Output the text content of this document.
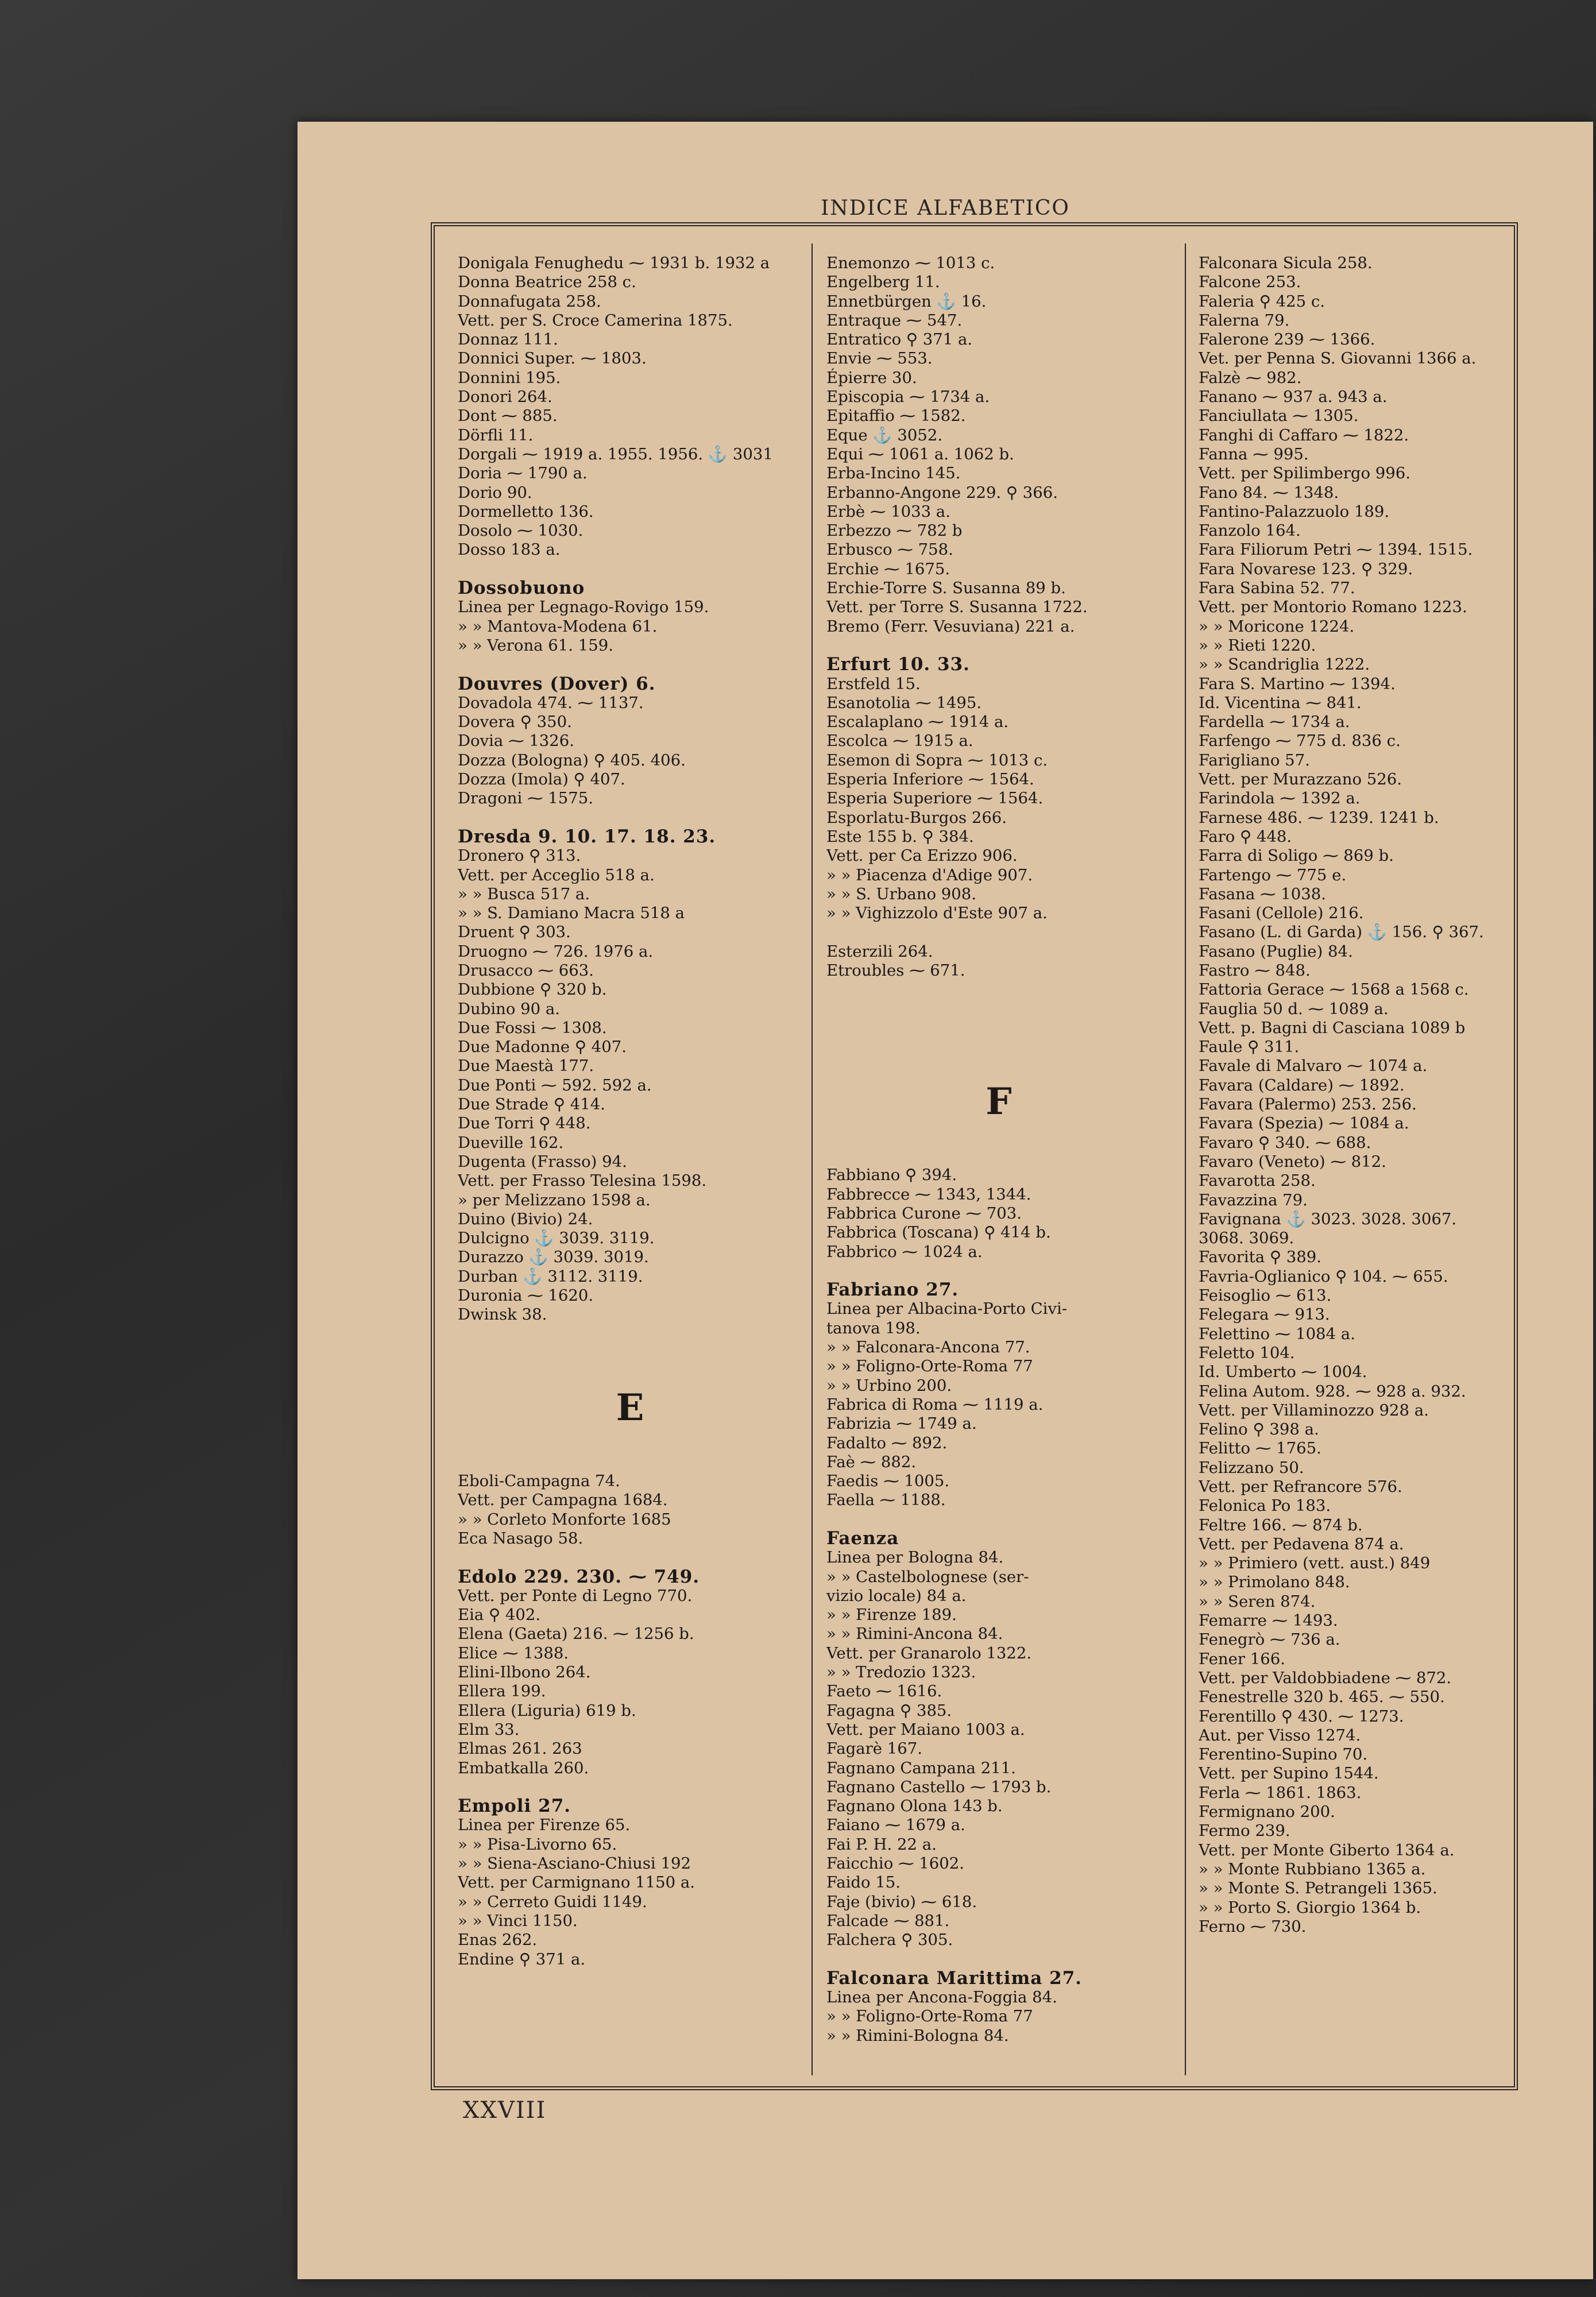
INDICE ALFABETICO
Donigala Fenughedu ⁓ 1931 b. 1932 a
Donna Beatrice 258 c.
Donnafugata 258.
Vett. per S. Croce Camerina 1875.
Donnaz 111.
Donnici Super. ⁓ 1803.
Donnini 195.
Donori 264.
Dont ⁓ 885.
Dörfli 11.
Dorgali ⁓ 1919 a. 1955. 1956. ⚓ 3031
Doria ⁓ 1790 a.
Dorio 90.
Dormelletto 136.
Dosolo ⁓ 1030.
Dosso 183 a.
Dossobuono
Linea per Legnago-Rovigo 159.
» » Mantova-Modena 61.
» » Verona 61. 159.
Douvres (Dover) 6.
Dovadola 474. ⁓ 1137.
Dovera ⚲ 350.
Dovia ⁓ 1326.
Dozza (Bologna) ⚲ 405. 406.
Dozza (Imola) ⚲ 407.
Dragoni ⁓ 1575.
Dresda 9. 10. 17. 18. 23.
Dronero ⚲ 313.
Vett. per Acceglio 518 a.
» » Busca 517 a.
» » S. Damiano Macra 518 a
Druent ⚲ 303.
Druogno ⁓ 726. 1976 a.
Drusacco ⁓ 663.
Dubbione ⚲ 320 b.
Dubino 90 a.
Due Fossi ⁓ 1308.
Due Madonne ⚲ 407.
Due Maestà 177.
Due Ponti ⁓ 592. 592 a.
Due Strade ⚲ 414.
Due Torri ⚲ 448.
Dueville 162.
Dugenta (Frasso) 94.
Vett. per Frasso Telesina 1598.
» per Melizzano 1598 a.
Duino (Bivio) 24.
Dulcigno ⚓ 3039. 3119.
Durazzo ⚓ 3039. 3019.
Durban ⚓ 3112. 3119.
Duronia ⁓ 1620.
Dwinsk 38.
E
Eboli-Campagna 74.
Vett. per Campagna 1684.
» » Corleto Monforte 1685
Eca Nasago 58.
Edolo 229. 230. ⁓ 749.
Vett. per Ponte di Legno 770.
Eia ⚲ 402.
Elena (Gaeta) 216. ⁓ 1256 b.
Elice ⁓ 1388.
Elini-Ilbono 264.
Ellera 199.
Ellera (Liguria) 619 b.
Elm 33.
Elmas 261. 263
Embatkalla 260.
Empoli 27.
Linea per Firenze 65.
» » Pisa-Livorno 65.
» » Siena-Asciano-Chiusi 192
Vett. per Carmignano 1150 a.
» » Cerreto Guidi 1149.
» » Vinci 1150.
Enas 262.
Endine ⚲ 371 a.
Enemonzo ⁓ 1013 c.
Engelberg 11.
Ennetbürgen ⚓ 16.
Entraque ⁓ 547.
Entratico ⚲ 371 a.
Envie ⁓ 553.
Épierre 30.
Episcopia ⁓ 1734 a.
Epitaffio ⁓ 1582.
Eque ⚓ 3052.
Equi ⁓ 1061 a. 1062 b.
Erba-Incino 145.
Erbanno-Angone 229. ⚲ 366.
Erbè ⁓ 1033 a.
Erbezzo ⁓ 782 b
Erbusco ⁓ 758.
Erchie ⁓ 1675.
Erchie-Torre S. Susanna 89 b.
Vett. per Torre S. Susanna 1722.
Bremo (Ferr. Vesuviana) 221 a.
Erfurt 10. 33.
Erstfeld 15.
Esanotolia ⁓ 1495.
Escalaplano ⁓ 1914 a.
Escolca ⁓ 1915 a.
Esemon di Sopra ⁓ 1013 c.
Esperia Inferiore ⁓ 1564.
Esperia Superiore ⁓ 1564.
Esporlatu-Burgos 266.
Este 155 b. ⚲ 384.
Vett. per Ca Erizzo 906.
» » Piacenza d'Adige 907.
» » S. Urbano 908.
» » Vighizzolo d'Este 907 a.
Esterzili 264.
Etroubles ⁓ 671.
F
Fabbiano ⚲ 394.
Fabbrecce ⁓ 1343, 1344.
Fabbrica Curone ⁓ 703.
Fabbrica (Toscana) ⚲ 414 b.
Fabbrico ⁓ 1024 a.
Fabriano 27.
Linea per Albacina-Porto Civi-
tanova 198.
» » Falconara-Ancona 77.
» » Foligno-Orte-Roma 77
» » Urbino 200.
Fabrica di Roma ⁓ 1119 a.
Fabrizia ⁓ 1749 a.
Fadalto ⁓ 892.
Faè ⁓ 882.
Faedis ⁓ 1005.
Faella ⁓ 1188.
Faenza
Linea per Bologna 84.
» » Castelbolognese (ser-
vizio locale) 84 a.
» » Firenze 189.
» » Rimini-Ancona 84.
Vett. per Granarolo 1322.
» » Tredozio 1323.
Faeto ⁓ 1616.
Fagagna ⚲ 385.
Vett. per Maiano 1003 a.
Fagarè 167.
Fagnano Campana 211.
Fagnano Castello ⁓ 1793 b.
Fagnano Olona 143 b.
Faiano ⁓ 1679 a.
Fai P. H. 22 a.
Faicchio ⁓ 1602.
Faido 15.
Faje (bivio) ⁓ 618.
Falcade ⁓ 881.
Falchera ⚲ 305.
Falconara Marittima 27.
Linea per Ancona-Foggia 84.
» » Foligno-Orte-Roma 77
» » Rimini-Bologna 84.
Falconara Sicula 258.
Falcone 253.
Faleria ⚲ 425 c.
Falerna 79.
Falerone 239 ⁓ 1366.
Vet. per Penna S. Giovanni 1366 a.
Falzè ⁓ 982.
Fanano ⁓ 937 a. 943 a.
Fanciullata ⁓ 1305.
Fanghi di Caffaro ⁓ 1822.
Fanna ⁓ 995.
Vett. per Spilimbergo 996.
Fano 84. ⁓ 1348.
Fantino-Palazzuolo 189.
Fanzolo 164.
Fara Filiorum Petri ⁓ 1394. 1515.
Fara Novarese 123. ⚲ 329.
Fara Sabina 52. 77.
Vett. per Montorio Romano 1223.
» » Moricone 1224.
» » Rieti 1220.
» » Scandriglia 1222.
Fara S. Martino ⁓ 1394.
Id. Vicentina ⁓ 841.
Fardella ⁓ 1734 a.
Farfengo ⁓ 775 d. 836 c.
Farigliano 57.
Vett. per Murazzano 526.
Farindola ⁓ 1392 a.
Farnese 486. ⁓ 1239. 1241 b.
Faro ⚲ 448.
Farra di Soligo ⁓ 869 b.
Fartengo ⁓ 775 e.
Fasana ⁓ 1038.
Fasani (Cellole) 216.
Fasano (L. di Garda) ⚓ 156. ⚲ 367.
Fasano (Puglie) 84.
Fastro ⁓ 848.
Fattoria Gerace ⁓ 1568 a 1568 c.
Fauglia 50 d. ⁓ 1089 a.
Vett. p. Bagni di Casciana 1089 b
Faule ⚲ 311.
Favale di Malvaro ⁓ 1074 a.
Favara (Caldare) ⁓ 1892.
Favara (Palermo) 253. 256.
Favara (Spezia) ⁓ 1084 a.
Favaro ⚲ 340. ⁓ 688.
Favaro (Veneto) ⁓ 812.
Favarotta 258.
Favazzina 79.
Favignana ⚓ 3023. 3028. 3067.
3068. 3069.
Favorita ⚲ 389.
Favria-Oglianico ⚲ 104. ⁓ 655.
Feisoglio ⁓ 613.
Felegara ⁓ 913.
Felettino ⁓ 1084 a.
Feletto 104.
Id. Umberto ⁓ 1004.
Felina Autom. 928. ⁓ 928 a. 932.
Vett. per Villaminozzo 928 a.
Felino ⚲ 398 a.
Felitto ⁓ 1765.
Felizzano 50.
Vett. per Refrancore 576.
Felonica Po 183.
Feltre 166. ⁓ 874 b.
Vett. per Pedavena 874 a.
» » Primiero (vett. aust.) 849
» » Primolano 848.
» » Seren 874.
Femarre ⁓ 1493.
Fenegrò ⁓ 736 a.
Fener 166.
Vett. per Valdobbiadene ⁓ 872.
Fenestrelle 320 b. 465. ⁓ 550.
Ferentillo ⚲ 430. ⁓ 1273.
Aut. per Visso 1274.
Ferentino-Supino 70.
Vett. per Supino 1544.
Ferla ⁓ 1861. 1863.
Fermignano 200.
Fermo 239.
Vett. per Monte Giberto 1364 a.
» » Monte Rubbiano 1365 a.
» » Monte S. Petrangeli 1365.
» » Porto S. Giorgio 1364 b.
Ferno ⁓ 730.
XXVIII
